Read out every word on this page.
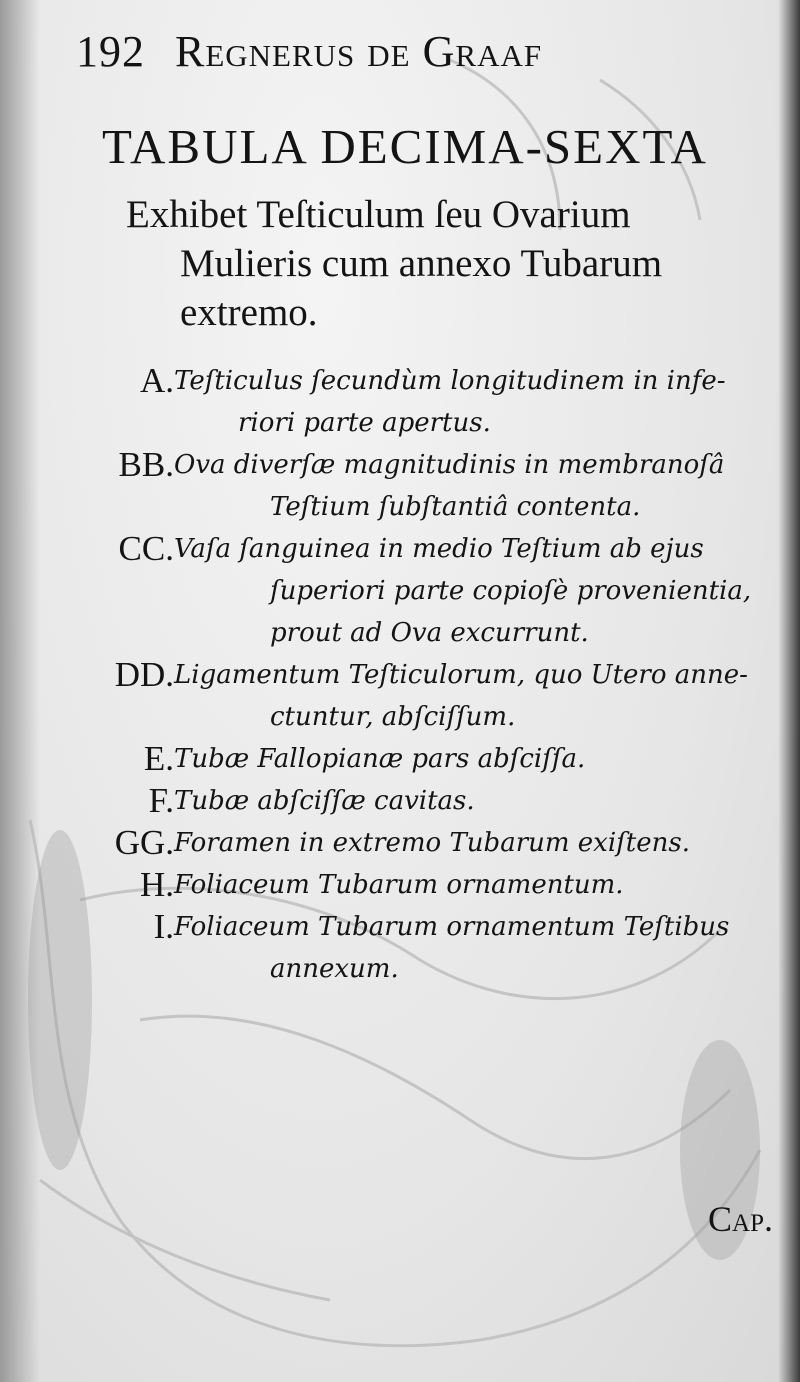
192 Regnerus de Graaf
TABULA DECIMA-SEXTA
Exhibet Teſticulum ſeu Ovarium
Mulieris cum annexo Tubarum
extremo.
A. Teſticulus ſecundùm longitudinem in infe-
riori parte apertus.
BB. Ova diverſæ magnitudinis in membranoſâ
Teſtium ſubſtantiâ contenta.
CC. Vaſa ſanguinea in medio Teſtium ab ejus
ſuperiori parte copioſè provenientia,
prout ad Ova excurrunt.
DD. Ligamentum Teſticulorum, quo Utero anne-
ctuntur, abſciſſum.
E. Tubæ Fallopianæ pars abſciſſa.
F. Tubæ abſciſſæ cavitas.
GG. Foramen in extremo Tubarum exiſtens.
H. Foliaceum Tubarum ornamentum.
I. Foliaceum Tubarum ornamentum Teſtibus
annexum.
Cap.
